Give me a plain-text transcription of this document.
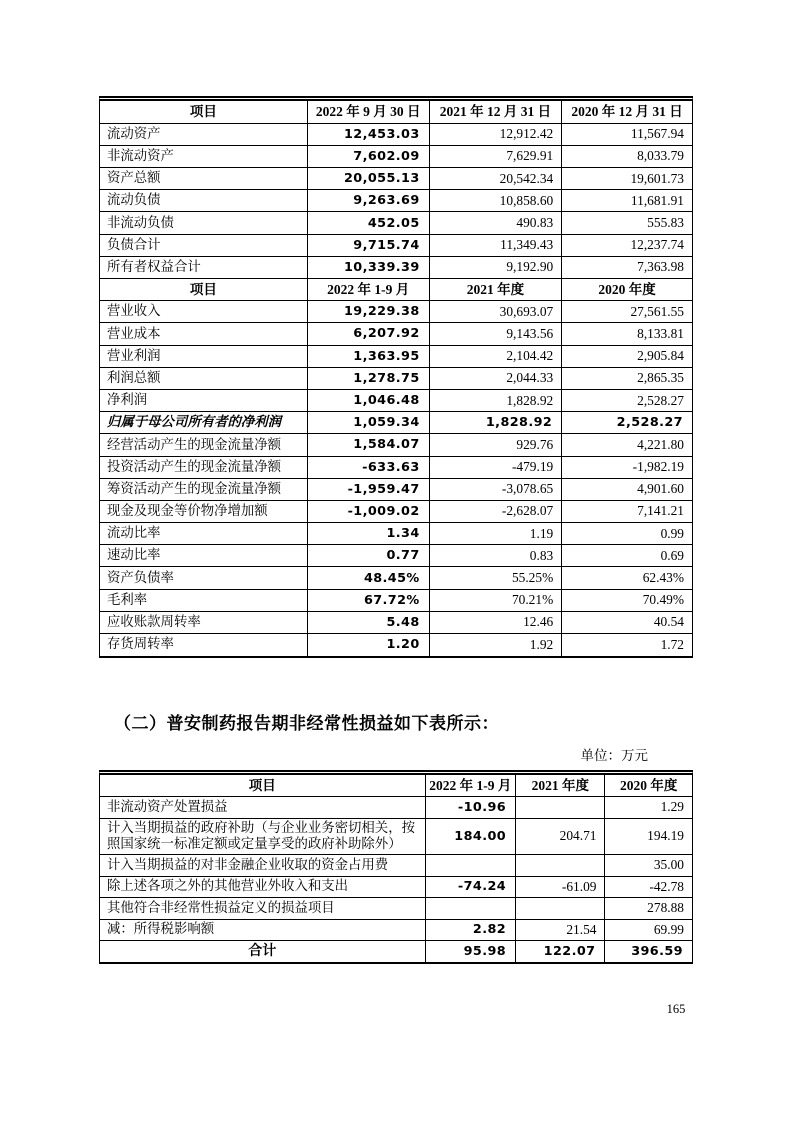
项目	2022 年 9 月 30 日	2021 年 12 月 31 日	2020 年 12 月 31 日
流动资产	12,453.03	12,912.42	11,567.94
非流动资产	7,602.09	7,629.91	8,033.79
资产总额	20,055.13	20,542.34	19,601.73
流动负债	9,263.69	10,858.60	11,681.91
非流动负债	452.05	490.83	555.83
负债合计	9,715.74	11,349.43	12,237.74
所有者权益合计	10,339.39	9,192.90	7,363.98
项目	2022 年 1-9 月	2021 年度	2020 年度
营业收入	19,229.38	30,693.07	27,561.55
营业成本	6,207.92	9,143.56	8,133.81
营业利润	1,363.95	2,104.42	2,905.84
利润总额	1,278.75	2,044.33	2,865.35
净利润	1,046.48	1,828.92	2,528.27
归属于母公司所有者的净利润	1,059.34	1,828.92	2,528.27
经营活动产生的现金流量净额	1,584.07	929.76	4,221.80
投资活动产生的现金流量净额	-633.63	-479.19	-1,982.19
筹资活动产生的现金流量净额	-1,959.47	-3,078.65	4,901.60
现金及现金等价物净增加额	-1,009.02	-2,628.07	7,141.21
流动比率	1.34	1.19	0.99
速动比率	0.77	0.83	0.69
资产负债率	48.45%	55.25%	62.43%
毛利率	67.72%	70.21%	70.49%
应收账款周转率	5.48	12.46	40.54
存货周转率	1.20	1.92	1.72
（二）普安制药报告期非经常性损益如下表所示：
单位：万元
项目	2022 年 1-9 月	2021 年度	2020 年度
非流动资产处置损益	-10.96		1.29
计入当期损益的政府补助（与企业业务密切相关，按照国家统一标准定额或定量享受的政府补助除外）	184.00	204.71	194.19
计入当期损益的对非金融企业收取的资金占用费			35.00
除上述各项之外的其他营业外收入和支出	-74.24	-61.09	-42.78
其他符合非经常性损益定义的损益项目			278.88
减：所得税影响额	2.82	21.54	69.99
合计	95.98	122.07	396.59
165
